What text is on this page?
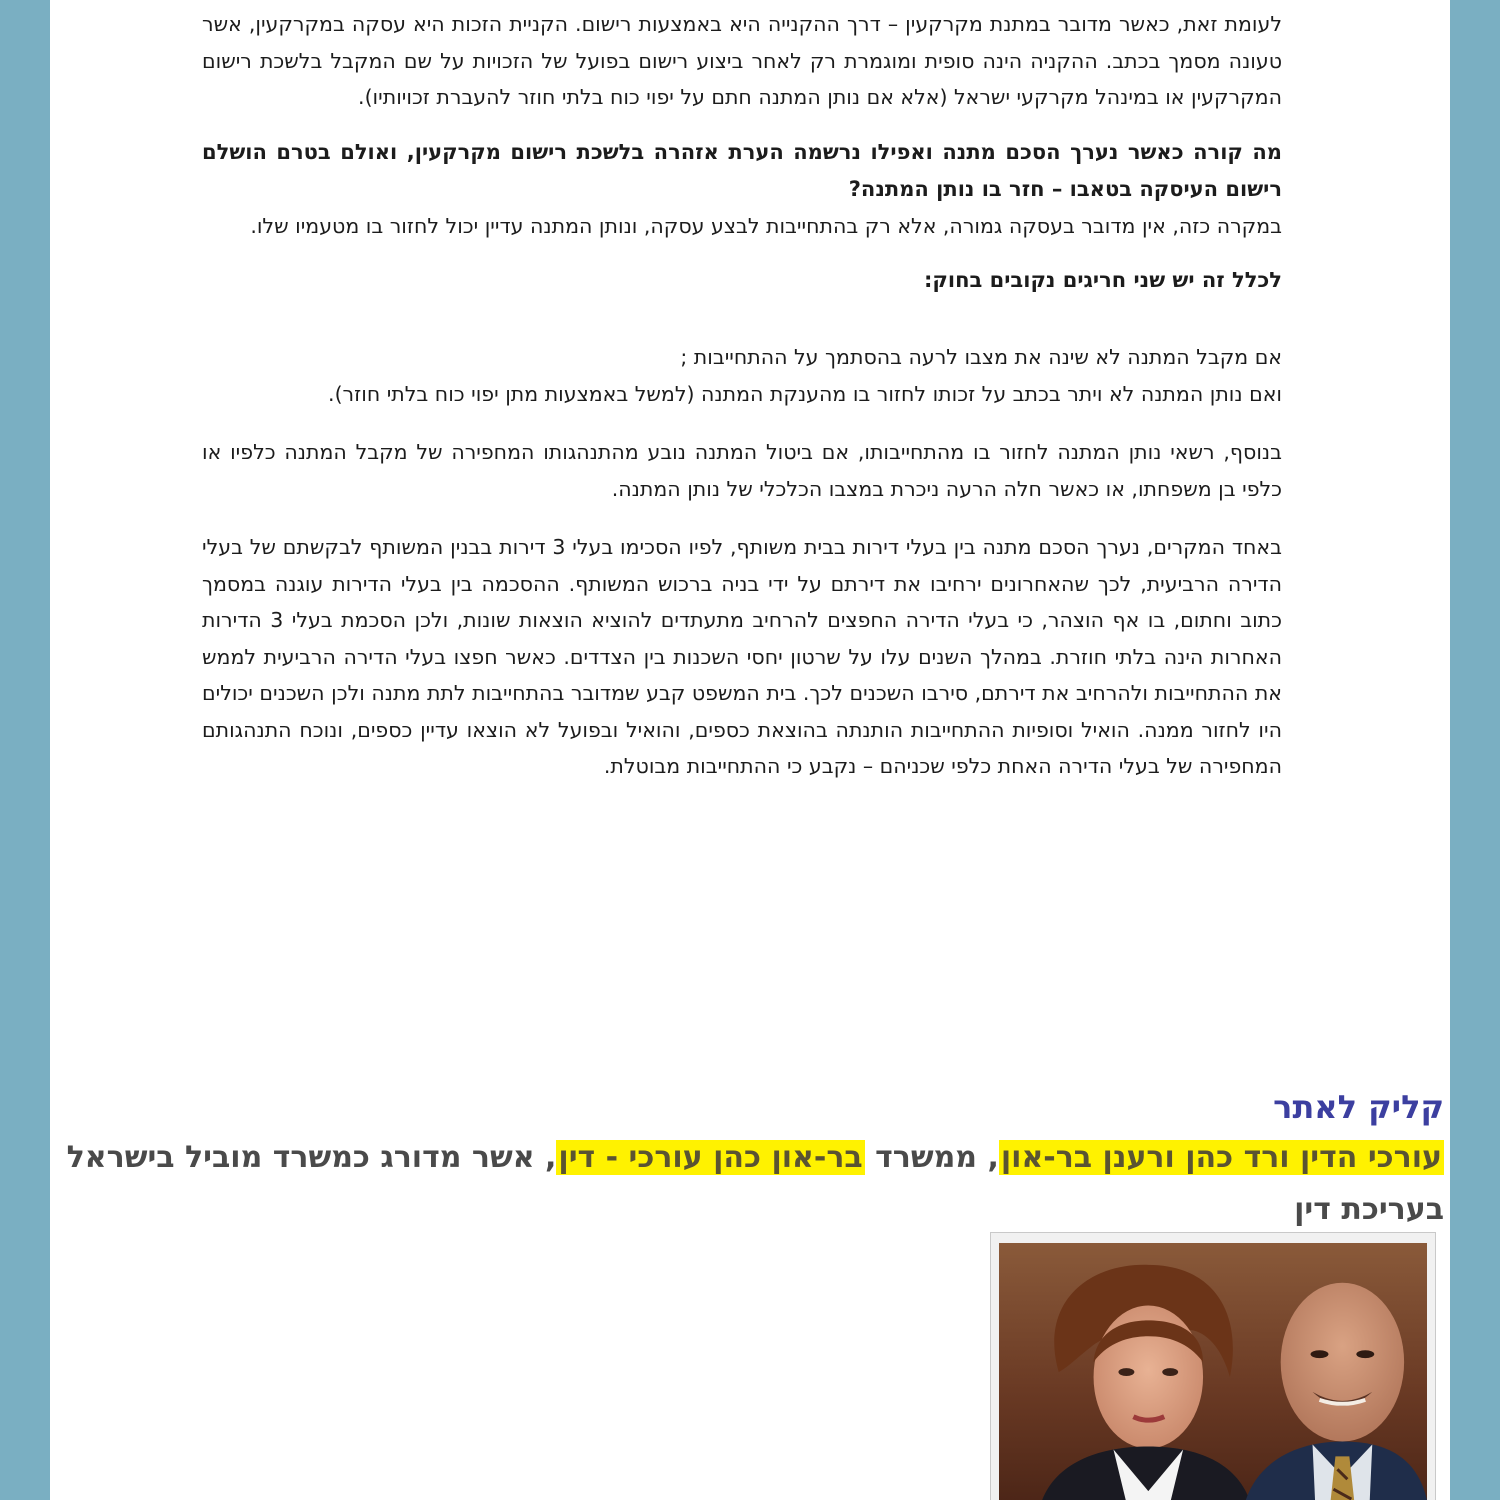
לעומת זאת, כאשר מדובר במתנת מקרקעין – דרך ההקנייה היא באמצעות רישום. הקניית הזכות היא עסקה במקרקעין, אשר טעונה מסמך בכתב. ההקניה הינה סופית ומוגמרת רק לאחר ביצוע רישום בפועל של הזכויות על שם המקבל בלשכת רישום המקרקעין או במינהל מקרקעי ישראל (אלא אם נותן המתנה חתם על יפוי כוח בלתי חוזר להעברת זכויותיו).

מה קורה כאשר נערך הסכם מתנה ואפילו נרשמה הערת אזהרה בלשכת רישום מקרקעין, ואולם בטרם הושלם רישום העיסקה בטאבו – חזר בו נותן המתנה?

במקרה כזה, אין מדובר בעסקה גמורה, אלא רק בהתחייבות לבצע עסקה, ונותן המתנה עדיין יכול לחזור בו מטעמיו שלו.

לכלל זה יש שני חריגים נקובים בחוק:

אם מקבל המתנה לא שינה את מצבו לרעה בהסתמך על ההתחייבות ;

ואם נותן המתנה לא ויתר בכתב על זכותו לחזור בו מהענקת המתנה (למשל באמצעות מתן יפוי כוח בלתי חוזר).

בנוסף, רשאי נותן המתנה לחזור בו מהתחייבותו, אם ביטול המתנה נובע מהתנהגותו המחפירה של מקבל המתנה כלפיו או כלפי בן משפחתו, או כאשר חלה הרעה ניכרת במצבו הכלכלי של נותן המתנה.

באחד המקרים, נערך הסכם מתנה בין בעלי דירות בבית משותף, לפיו הסכימו בעלי 3 דירות בבנין המשותף לבקשתם של בעלי הדירה הרביעית, לכך שהאחרונים ירחיבו את דירתם על ידי בניה ברכוש המשותף. ההסכמה בין בעלי הדירות עוגנה במסמך כתוב וחתום, בו אף הוצהר, כי בעלי הדירה החפצים להרחיב מתעתדים להוציא הוצאות שונות, ולכן הסכמת בעלי 3 הדירות האחרות הינה בלתי חוזרת. במהלך השנים עלו על שרטון יחסי השכנות בין הצדדים. כאשר חפצו בעלי הדירה הרביעית לממש את ההתחייבות ולהרחיב את דירתם, סירבו השכנים לכך. בית המשפט קבע שמדובר בהתחייבות לתת מתנה ולכן השכנים יכולים היו לחזור ממנה. הואיל וסופיות ההתחייבות הותנתה בהוצאת כספים, והואיל ובפועל לא הוצאו עדיין כספים, ונוכח התנהגותם המחפירה של בעלי הדירה האחת כלפי שכניהם – נקבע כי ההתחייבות מבוטלת.

קליק לאתר

עורכי הדין ורד כהן ורענן בר-און, ממשרד בר-און כהן עורכי - דין, אשר מדורג כמשרד מוביל בישראל בעריכת דין
